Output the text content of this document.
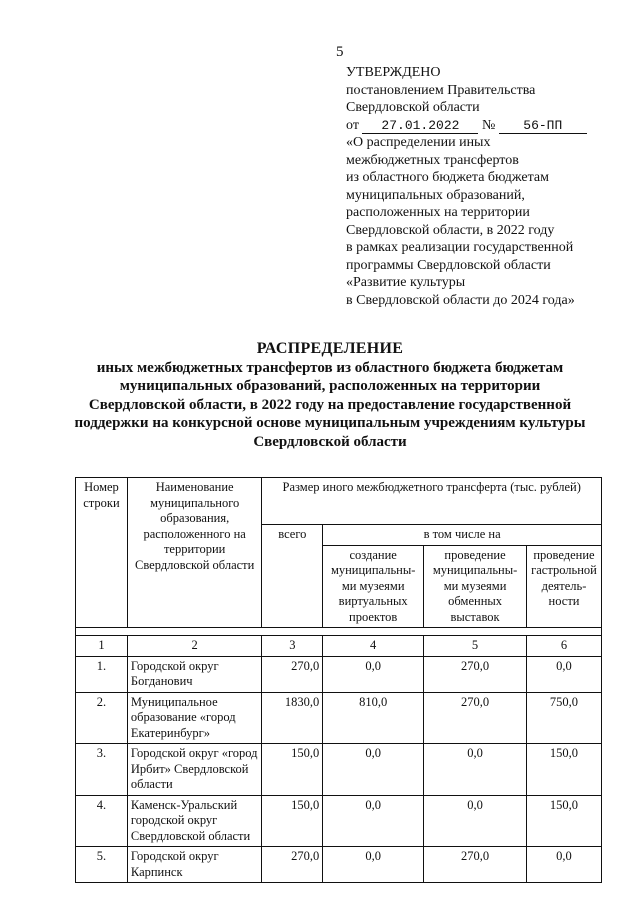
5
УТВЕРЖДЕНО
постановлением Правительства
Свердловской области
от 27.01.2022 № 56-ПП
«О распределении иных
межбюджетных трансфертов
из областного бюджета бюджетам
муниципальных образований,
расположенных на территории
Свердловской области, в 2022 году
в рамках реализации государственной
программы Свердловской области
«Развитие культуры
в Свердловской области до 2024 года»
РАСПРЕДЕЛЕНИЕ
иных межбюджетных трансфертов из областного бюджета бюджетам
муниципальных образований, расположенных на территории
Свердловской области, в 2022 году на предоставление государственной
поддержки на конкурсной основе муниципальным учреждениям культуры
Свердловской области
Номер строки	Наименование муниципального образования, расположенного на территории Свердловской области	Размер иного межбюджетного трансферта (тыс. рублей)			
		всего	в том числе на		
			создание муниципальны-ми музеями виртуальных проектов	проведение муниципальны-ми музеями обменных выставок	проведение гастрольной деятель-ности

1	2	3	4	5	6
1.	Городской округ Богданович	270,0	0,0	270,0	0,0
2.	Муниципальное образование «город Екатеринбург»	1830,0	810,0	270,0	750,0
3.	Городской округ «город Ирбит» Свердловской области	150,0	0,0	0,0	150,0
4.	Каменск-Уральский городской округ Свердловской области	150,0	0,0	0,0	150,0
5.	Городской округ Карпинск	270,0	0,0	270,0	0,0
